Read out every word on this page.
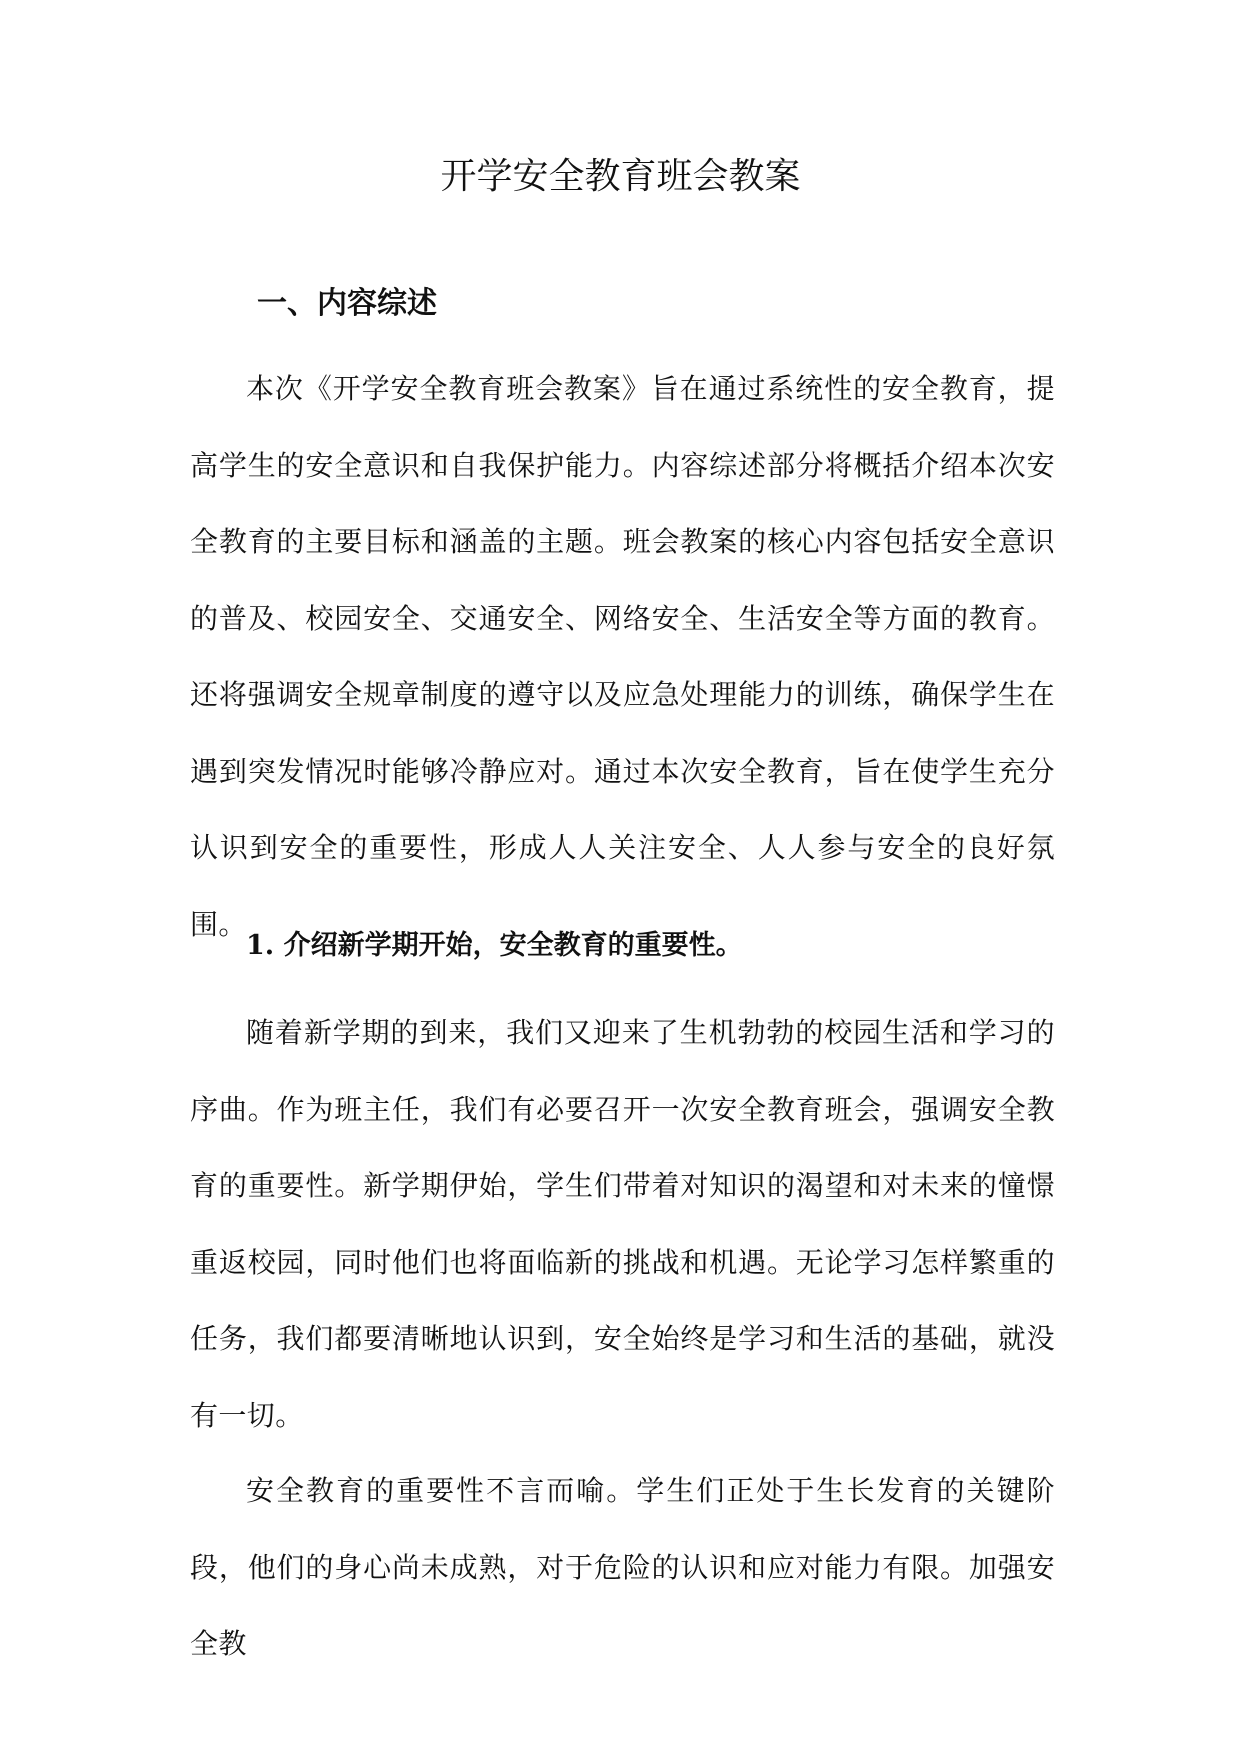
开学安全教育班会教案
一、内容综述

本次《开学安全教育班会教案》旨在通过系统性的安全教育，提高学生的安全意识和自我保护能力。内容综述部分将概括介绍本次安全教育的主要目标和涵盖的主题。班会教案的核心内容包括安全意识的普及、校园安全、交通安全、网络安全、生活安全等方面的教育。还将强调安全规章制度的遵守以及应急处理能力的训练，确保学生在遇到突发情况时能够冷静应对。通过本次安全教育，旨在使学生充分认识到安全的重要性，形成人人关注安全、人人参与安全的良好氛围。

1. 介绍新学期开始，安全教育的重要性。

随着新学期的到来，我们又迎来了生机勃勃的校园生活和学习的序曲。作为班主任，我们有必要召开一次安全教育班会，强调安全教育的重要性。新学期伊始，学生们带着对知识的渴望和对未来的憧憬重返校园，同时他们也将面临新的挑战和机遇。无论学习怎样繁重的任务，我们都要清晰地认识到，安全始终是学习和生活的基础，就没有一切。

安全教育的重要性不言而喻。学生们正处于生长发育的关键阶段，他们的身心尚未成熟，对于危险的认识和应对能力有限。加强安全教
